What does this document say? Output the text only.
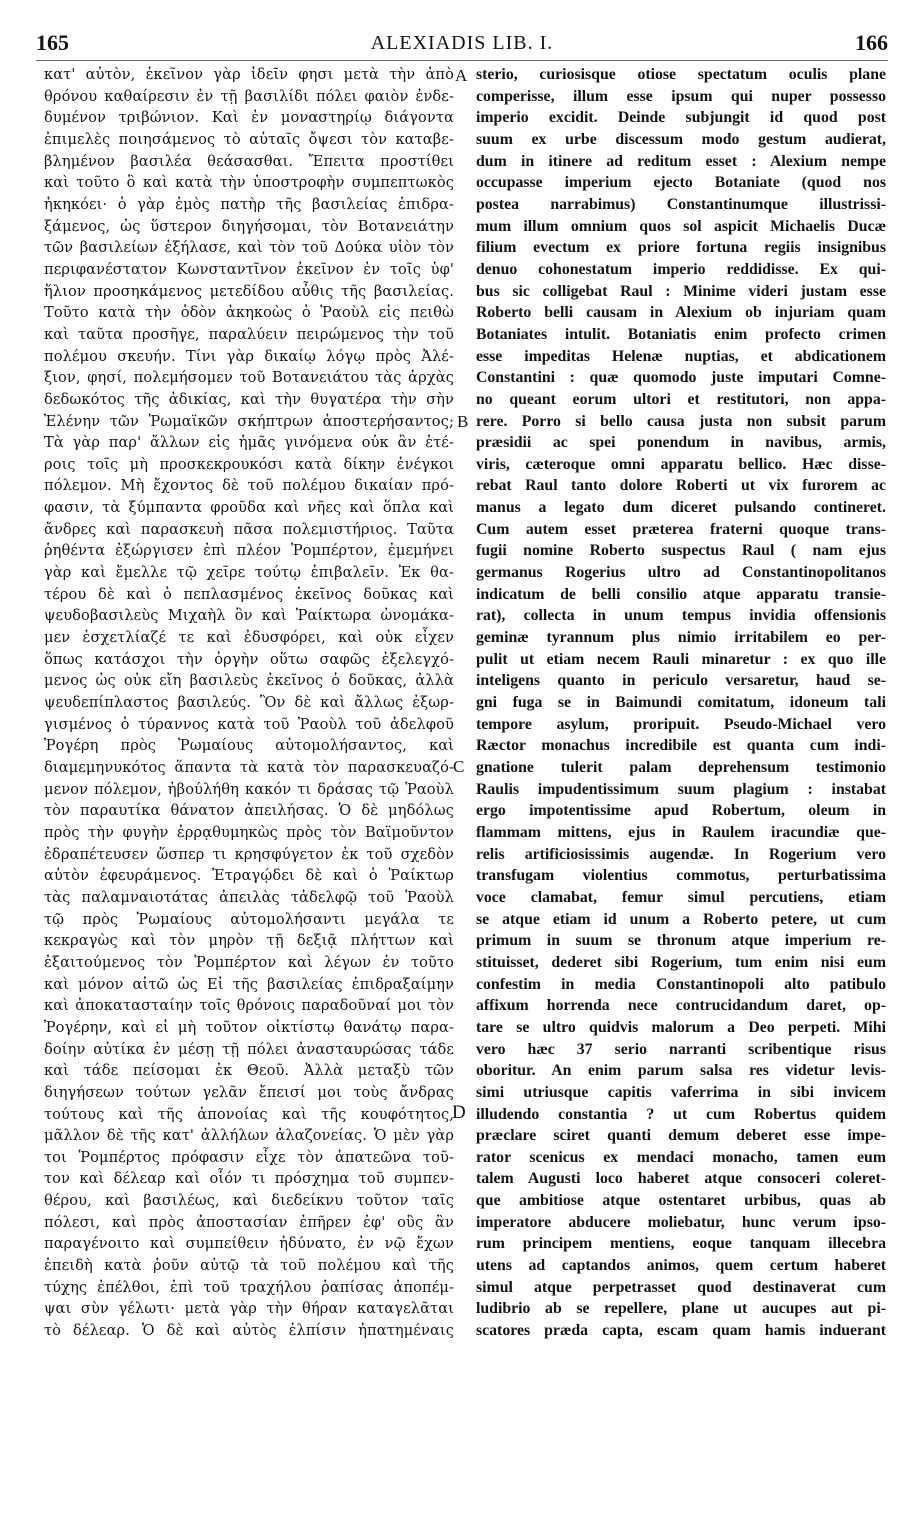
165	ALEXIADIS LIB. I.	166
κατ' αὐτὸν, ἐκεῖνον γὰρ ἰδεῖν φησι μετὰ τὴν ἀπὸ
θρόνου καθαίρεσιν ἐν τῇ βασιλίδι πόλει φαιὸν ἐνδε-
δυμένον τριβώνιον. Καὶ ἐν μοναστηρίῳ διάγοντα
ἐπιμελὲς ποιησάμενος τὸ αὐταῖς ὄψεσι τὸν καταβε-
βλημένον βασιλέα θεάσασθαι. Ἔπειτα προστίθει
καὶ τοῦτο ὃ καὶ κατὰ τὴν ὑποστροφὴν συμπεπτωκὸς
ἠκηκόει· ὁ γὰρ ἐμὸς πατὴρ τῆς βασιλείας ἐπιδρα-
ξάμενος, ὡς ὕστερον διηγήσομαι, τὸν Βοτανειάτην
τῶν βασιλείων ἐξήλασε, καὶ τὸν τοῦ Δούκα υἱὸν τὸν
περιφανέστατον Κωνσταντῖνον ἐκεῖνον ἐν τοῖς ὑφ'
ἥλιον προσηκάμενος μετεδίδου αὖθις τῆς βασιλείας.
Τοῦτο κατὰ τὴν ὁδὸν ἀκηκοὼς ὁ Ῥαοὺλ εἰς πειθὼ
καὶ ταῦτα προσῆγε, παραλύειν πειρώμενος τὴν τοῦ
πολέμου σκευήν. Τίνι γὰρ δικαίῳ λόγῳ πρὸς Ἀλέ-
ξιον, φησί, πολεμήσομεν τοῦ Βοτανειάτου τὰς ἀρχὰς
δεδωκότος τῆς ἀδικίας, καὶ τὴν θυγατέρα τὴν σὴν
Ἑλένην τῶν Ῥωμαϊκῶν σκήπτρων ἀποστερήσαντος;
Τὰ γὰρ παρ' ἄλλων εἰς ἡμᾶς γινόμενα οὐκ ἂν ἑτέ-
ροις τοῖς μὴ προσκεκρουκόσι κατὰ δίκην ἐνέγκοι
πόλεμον. Μὴ ἔχοντος δὲ τοῦ πολέμου δικαίαν πρό-
φασιν, τὰ ξύμπαντα φροῦδα καὶ νῆες καὶ ὅπλα καὶ
ἄνδρες καὶ παρασκευὴ πᾶσα πολεμιστήριος. Ταῦτα
ῥηθέντα ἐξώργισεν ἐπὶ πλέον Ῥομπέρτον, ἐμεμήνει
γὰρ καὶ ἔμελλε τῷ χεῖρε τούτῳ ἐπιβαλεῖν. Ἐκ θα-
τέρου δὲ καὶ ὁ πεπλασμένος ἐκεῖνος δοῦκας καὶ
ψευδοβασιλεὺς Μιχαὴλ ὃν καὶ Ῥαίκτωρα ὠνομάκα-
μεν ἐσχετλίαζέ τε καὶ ἐδυσφόρει, καὶ οὐκ εἶχεν
ὅπως κατάσχοι τὴν ὀργὴν οὕτω σαφῶς ἐξελεγχό-
μενος ὡς οὐκ εἴη βασιλεὺς ἐκεῖνος ὁ δοῦκας, ἀλλὰ
ψευδεπίπλαστος βασιλεύς. Ὃν δὲ καὶ ἄλλως ἐξωρ-
γισμένος ὁ τύραννος κατὰ τοῦ Ῥαοὺλ τοῦ ἀδελφοῦ
Ῥογέρη πρὸς Ῥωμαίους αὐτομολήσαντος, καὶ
διαμεμηνυκότος ἅπαντα τὰ κατὰ τὸν παρασκευαζό-
μενον πόλεμον, ἠβούλήθη κακόν τι δράσας τῷ Ῥαοὺλ
τὸν παραυτίκα θάνατον ἀπειλήσας. Ὁ δὲ μηδόλως
πρὸς τὴν φυγὴν ἐρρᾳθυμηκὼς πρὸς τὸν Βαϊμοῦντον
ἐδραπέτευσεν ὥσπερ τι κρησφύγετον ἐκ τοῦ σχεδὸν
αὐτὸν ἐφευράμενος. Ἐτραγῴδει δὲ καὶ ὁ Ῥαίκτωρ
τὰς παλαμναιοτάτας ἀπειλὰς τἀδελφῷ τοῦ Ῥαοὺλ
τῷ πρὸς Ῥωμαίους αὐτομολήσαντι μεγάλα τε
κεκραγὼς καὶ τὸν μηρὸν τῇ δεξιᾷ πλήττων καὶ
ἐξαιτούμενος τὸν Ῥομπέρτον καὶ λέγων ἐν τοῦτο
καὶ μόνον αἰτῶ ὡς Εἰ τῆς βασιλείας ἐπιδραξαίμην
καὶ ἀποκατασταίην τοῖς θρόνοις παραδοῦναί μοι τὸν
Ῥογέρην, καὶ εἰ μὴ τοῦτον οἰκτίστῳ θανάτῳ παρα-
δοίην αὐτίκα ἐν μέσῃ τῇ πόλει ἀνασταυρώσας τάδε
καὶ τάδε πείσομαι ἐκ Θεοῦ. Ἀλλὰ μεταξὺ τῶν
διηγήσεων τούτων γελᾶν ἔπεισί μοι τοὺς ἄνδρας
τούτους καὶ τῆς ἀπονοίας καὶ τῆς κουφότητος,
μᾶλλον δὲ τῆς κατ' ἀλλήλων ἀλαζονείας. Ὁ μὲν γὰρ
τοι Ῥομπέρτος πρόφασιν εἶχε τὸν ἀπατεῶνα τοῦ-
τον καὶ δέλεαρ καὶ οἷόν τι πρόσχημα τοῦ συμπεν-
θέρου, καὶ βασιλέως, καὶ διεδείκνυ τοῦτον ταῖς
πόλεσι, καὶ πρὸς ἀποστασίαν ἐπῆρεν ἐφ' οὓς ἂν
παραγένοιτο καὶ συμπείθειν ἠδύνατο, ἐν νῷ ἔχων
ἐπειδὴ κατὰ ῥοῦν αὐτῷ τὰ τοῦ πολέμου καὶ τῆς
τύχης ἐπέλθοι, ἐπὶ τοῦ τραχήλου ῥαπίσας ἀποπέμ-
ψαι σὺν γέλωτι· μετὰ γὰρ τὴν θήραν καταγελᾶται
τὸ δέλεαρ. Ὁ δὲ καὶ αὐτὸς ἐλπίσιν ἠπατημέναις
sterio, curiosisque otiose spectatum oculis plane
comperisse, illum esse ipsum qui nuper possesso
imperio excidit. Deinde subjungit id quod post
suum ex urbe discessum modo gestum audierat,
dum in itinere ad reditum esset : Alexium nempe
occupasse imperium ejecto Botaniate (quod nos
postea narrabimus) Constantinumque illustrissi-
mum illum omnium quos sol aspicit Michaelis Ducæ
filium evectum ex priore fortuna regiis insignibus
denuo cohonestatum imperio reddidisse. Ex qui-
bus sic colligebat Raul : Minime videri justam esse
Roberto belli causam in Alexium ob injuriam quam
Botaniates intulit. Botaniatis enim profecto crimen
esse impeditas Helenæ nuptias, et abdicationem
Constantini : quæ quomodo juste imputari Comne-
no queant eorum ultori et restitutori, non appa-
rere. Porro si bello causa justa non subsit parum
præsidii ac spei ponendum in navibus, armis,
viris, cæteroque omni apparatu bellico. Hæc disse-
rebat Raul tanto dolore Roberti ut vix furorem ac
manus a legato dum diceret pulsando contineret.
Cum autem esset præterea fraterni quoque trans-
fugii nomine Roberto suspectus Raul ( nam ejus
germanus Rogerius ultro ad Constantinopolitanos
indicatum de belli consilio atque apparatu transie-
rat), collecta in unum tempus invidia offensionis
geminæ tyrannum plus nimio irritabilem eo per-
pulit ut etiam necem Rauli minaretur : ex quo ille
inteligens quanto in periculo versaretur, haud se-
gni fuga se in Baimundi comitatum, idoneum tali
tempore asylum, proripuit. Pseudo-Michael vero
Ræctor monachus incredibile est quanta cum indi-
gnatione tulerit palam deprehensum testimonio
Raulis impudentissimum suum plagium : instabat
ergo impotentissime apud Robertum, oleum in
flammam mittens, ejus in Raulem iracundiæ que-
relis artificiosissimis augendæ. In Rogerium vero
transfugam violentius commotus, perturbatissima
voce clamabat, femur simul percutiens, etiam
se atque etiam id unum a Roberto petere, ut cum
primum in suum se thronum atque imperium re-
stituisset, dederet sibi Rogerium, tum enim nisi eum
confestim in media Constantinopoli alto patibulo
affixum horrenda nece contrucidandum daret, op-
tare se ultro quidvis malorum a Deo perpeti. Mihi
vero hæc 37 serio narranti scribentique risus
oboritur. An enim parum salsa res videtur levis-
simi utriusque capitis vaferrima in sibi invicem
illudendo constantia ? ut cum Robertus quidem
præclare sciret quanti demum deberet esse impe-
rator scenicus ex mendaci monacho, tamen eum
talem Augusti loco haberet atque consoceri coleret-
que ambitiose atque ostentaret urbibus, quas ab
imperatore abducere moliebatur, hunc verum ipso-
rum principem mentiens, eoque tanquam illecebra
utens ad captandos animos, quem certum haberet
simul atque perpetrasset quod destinaverat cum
ludibrio ab se repellere, plane ut aucupes aut pi-
scatores præda capta, escam quam hamis induerant
A
B
C
D
